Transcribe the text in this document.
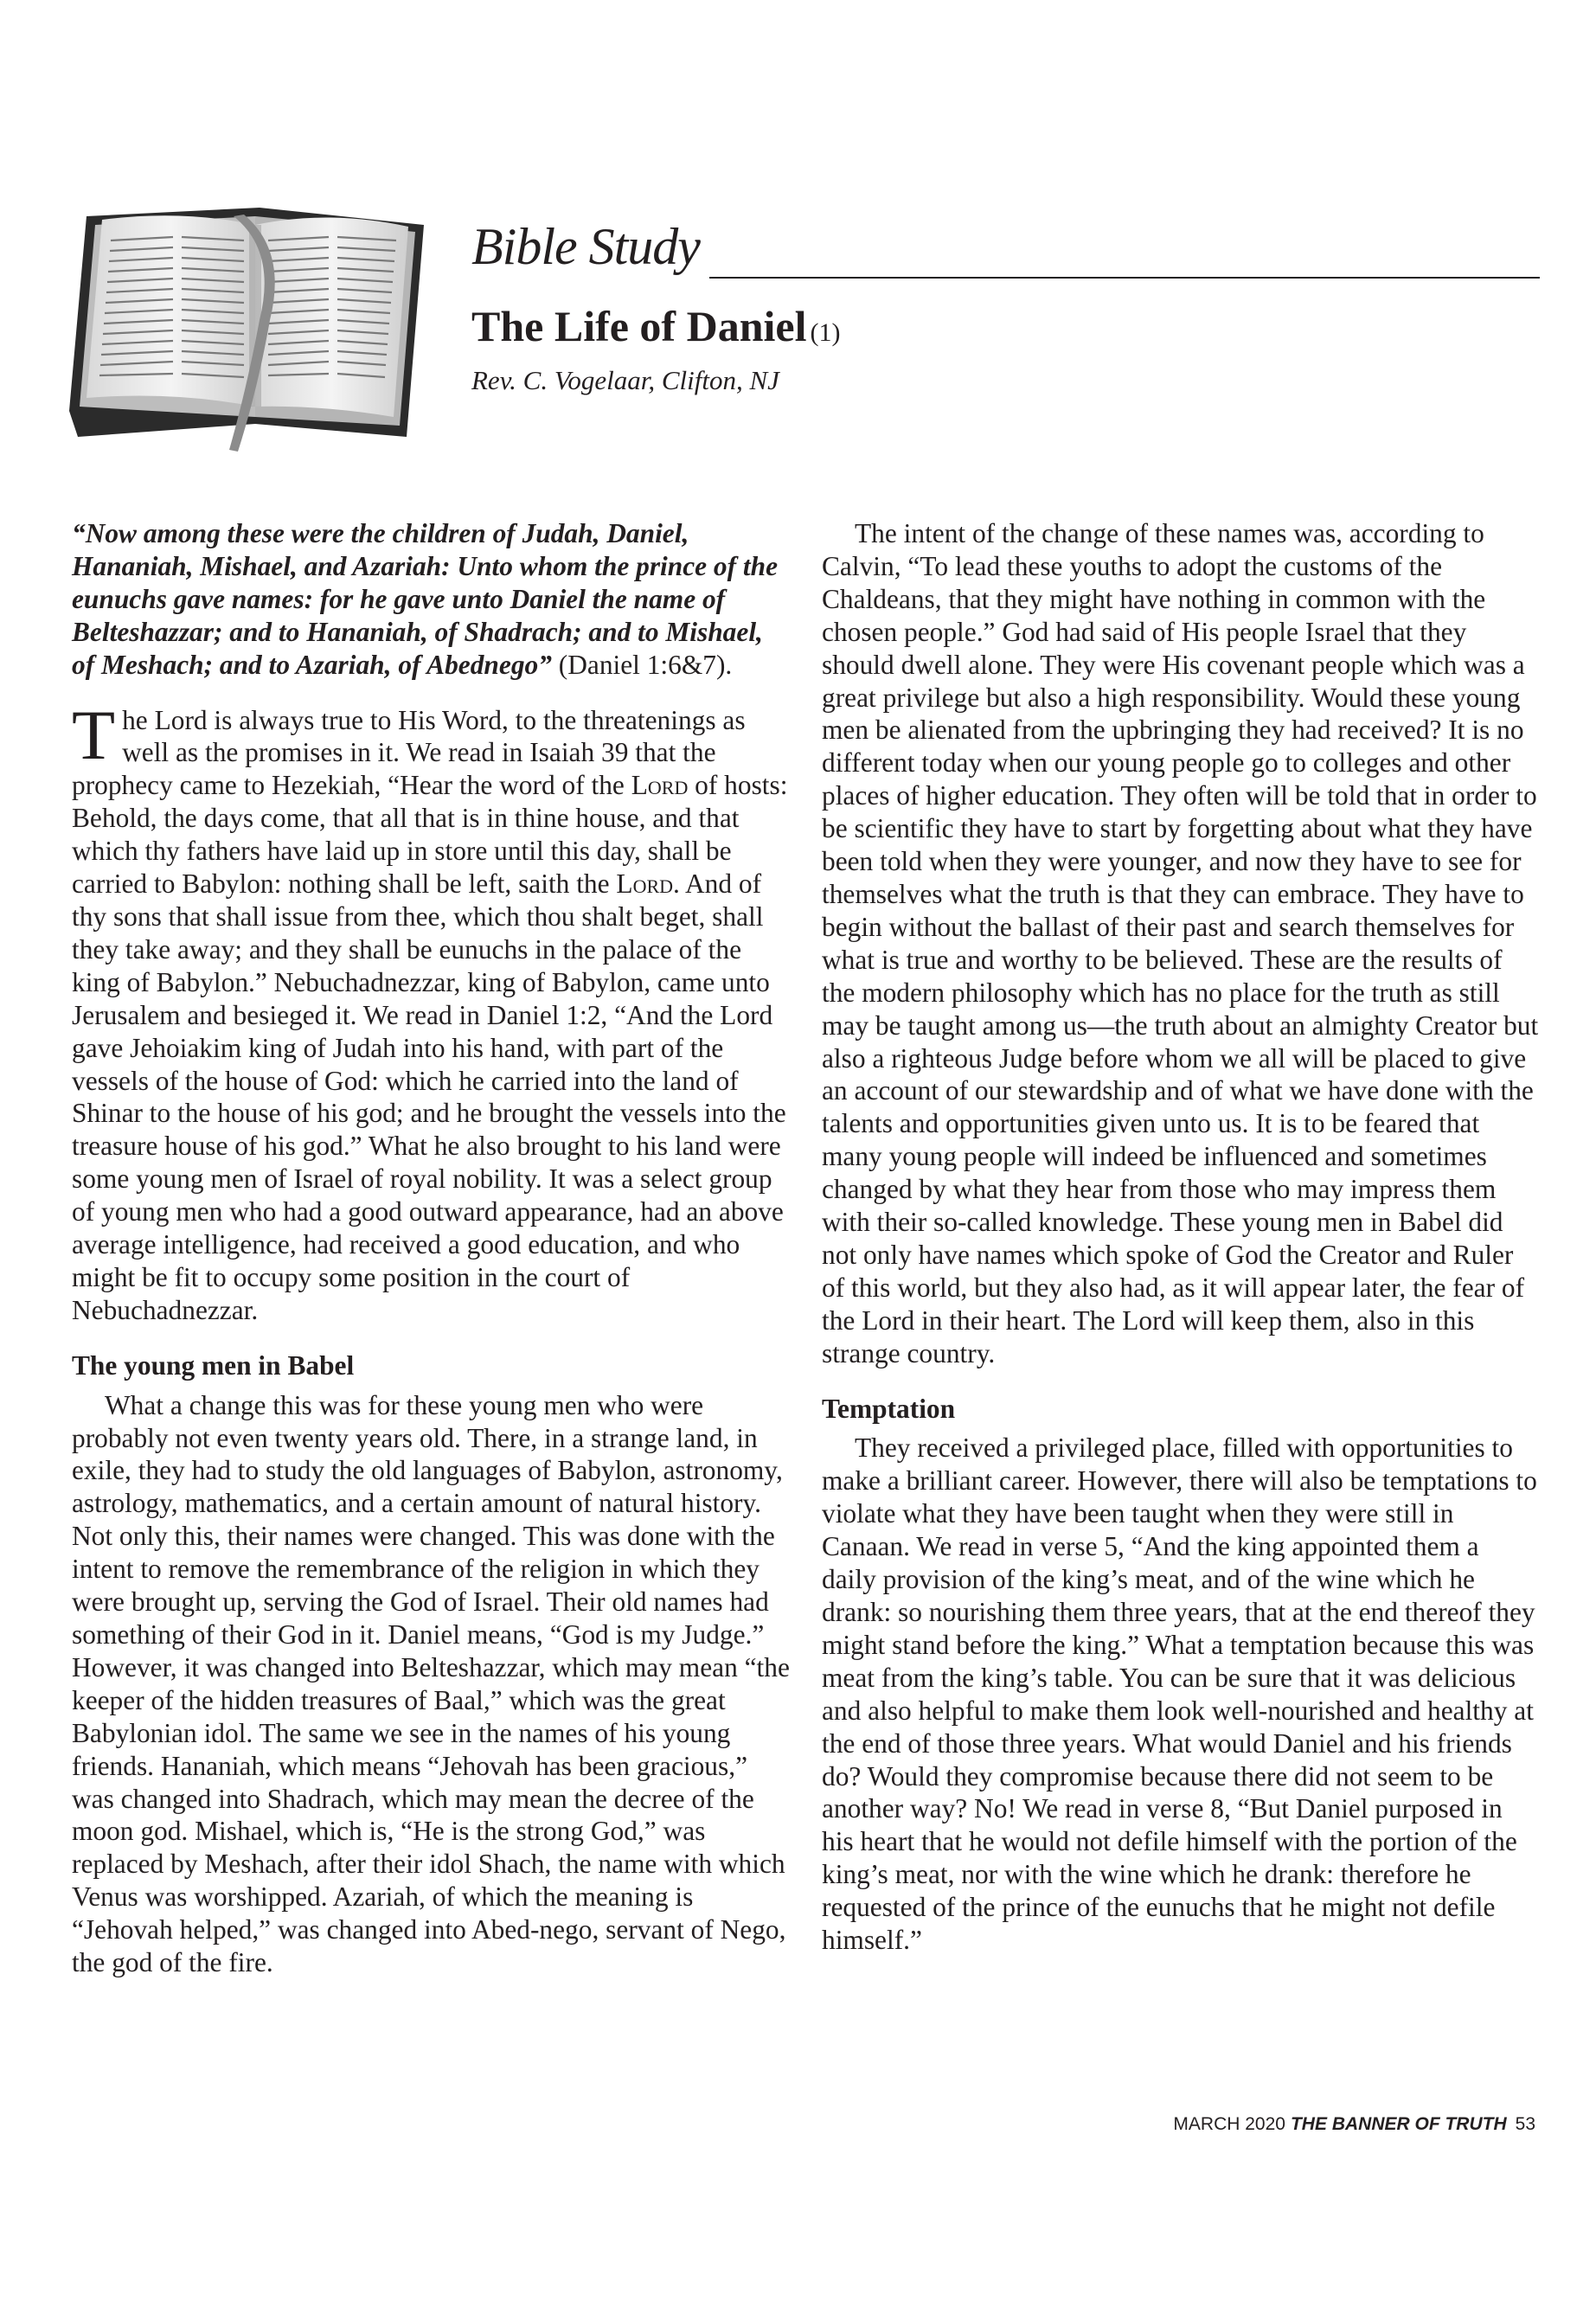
Bible Study
The Life of Daniel (1)
Rev. C. Vogelaar, Clifton, NJ

“Now among these were the children of Judah, Daniel, Hananiah, Mishael, and Azariah: Unto whom the prince of the eunuchs gave names: for he gave unto Daniel the name of Belteshazzar; and to Hananiah, of Shadrach; and to Mishael, of Meshach; and to Azariah, of Abednego” (Daniel 1:6&7).

The Lord is always true to His Word, to the threatenings as well as the promises in it. We read in Isaiah 39 that the prophecy came to Hezekiah, “Hear the word of the Lord of hosts: Behold, the days come, that all that is in thine house, and that which thy fathers have laid up in store until this day, shall be carried to Babylon: nothing shall be left, saith the Lord. And of thy sons that shall issue from thee, which thou shalt beget, shall they take away; and they shall be eunuchs in the palace of the king of Babylon.” Nebuchadnezzar, king of Babylon, came unto Jerusalem and besieged it. We read in Daniel 1:2, “And the Lord gave Jehoiakim king of Judah into his hand, with part of the vessels of the house of God: which he carried into the land of Shinar to the house of his god; and he brought the vessels into the treasure house of his god.” What he also brought to his land were some young men of Israel of royal nobility. It was a select group of young men who had a good outward appearance, had an above average intelligence, had received a good education, and who might be fit to occupy some position in the court of Nebuchadnezzar.

The young men in Babel

What a change this was for these young men who were probably not even twenty years old. There, in a strange land, in exile, they had to study the old languages of Babylon, astronomy, astrology, mathematics, and a certain amount of natural history. Not only this, their names were changed. This was done with the intent to remove the remembrance of the religion in which they were brought up, serving the God of Israel. Their old names had something of their God in it. Daniel means, “God is my Judge.” However, it was changed into Belteshazzar, which may mean “the keeper of the hidden treasures of Baal,” which was the great Babylonian idol. The same we see in the names of his young friends. Hananiah, which means “Jehovah has been gracious,” was changed into Shadrach, which may mean the decree of the moon god. Mishael, which is, “He is the strong God,” was replaced by Meshach, after their idol Shach, the name with which Venus was worshipped. Azariah, of which the meaning is “Jehovah helped,” was changed into Abed-nego, servant of Nego, the god of the fire.

The intent of the change of these names was, according to Calvin, “To lead these youths to adopt the customs of the Chaldeans, that they might have nothing in common with the chosen people.” God had said of His people Israel that they should dwell alone. They were His covenant people which was a great privilege but also a high responsibility. Would these young men be alienated from the upbringing they had received? It is no different today when our young people go to colleges and other places of higher education. They often will be told that in order to be scientific they have to start by forgetting about what they have been told when they were younger, and now they have to see for themselves what the truth is that they can embrace. They have to begin without the ballast of their past and search themselves for what is true and worthy to be believed. These are the results of the modern philosophy which has no place for the truth as still may be taught among us—the truth about an almighty Creator but also a righteous Judge before whom we all will be placed to give an account of our stewardship and of what we have done with the talents and opportunities given unto us. It is to be feared that many young people will indeed be influenced and sometimes changed by what they hear from those who may impress them with their so-called knowledge. These young men in Babel did not only have names which spoke of God the Creator and Ruler of this world, but they also had, as it will appear later, the fear of the Lord in their heart. The Lord will keep them, also in this strange country.

Temptation

They received a privileged place, filled with opportunities to make a brilliant career. However, there will also be temptations to violate what they have been taught when they were still in Canaan. We read in verse 5, “And the king appointed them a daily provision of the king’s meat, and of the wine which he drank: so nourishing them three years, that at the end thereof they might stand before the king.” What a temptation because this was meat from the king’s table. You can be sure that it was delicious and also helpful to make them look well-nourished and healthy at the end of those three years. What would Daniel and his friends do? Would they compromise because there did not seem to be another way? No! We read in verse 8, “But Daniel purposed in his heart that he would not defile himself with the portion of the king’s meat, nor with the wine which he drank: therefore he requested of the prince of the eunuchs that he might not defile himself.”

MARCH 2020 THE BANNER OF TRUTH 53
